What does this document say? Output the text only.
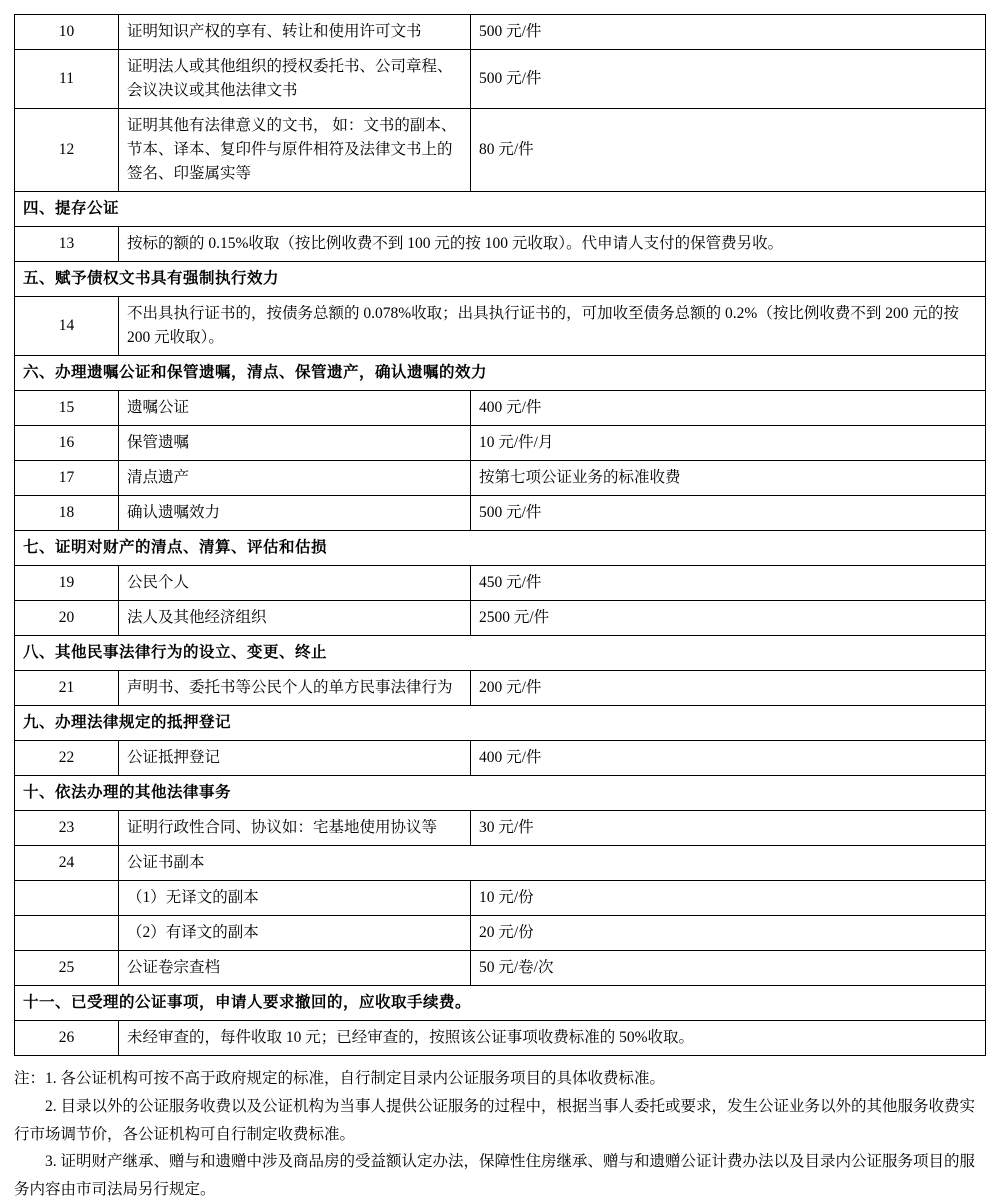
10	证明知识产权的享有、转让和使用许可文书	500 元/件
11	证明法人或其他组织的授权委托书、公司章程、会议决议或其他法律文书	500 元/件
12	证明其他有法律意义的文书， 如：文书的副本、节本、译本、复印件与原件相符及法律文书上的签名、印鉴属实等	80 元/件
四、提存公证		
13	按标的额的 0.15%收取（按比例收费不到 100 元的按 100 元收取）。代申请人支付的保管费另收。	
五、赋予债权文书具有强制执行效力		
14	不出具执行证书的，按债务总额的 0.078%收取；出具执行证书的，可加收至债务总额的 0.2%（按比例收费不到 200 元的按 200 元收取）。	
六、办理遗嘱公证和保管遗嘱，清点、保管遗产，确认遗嘱的效力		
15	遗嘱公证	400 元/件
16	保管遗嘱	10 元/件/月
17	清点遗产	按第七项公证业务的标准收费
18	确认遗嘱效力	500 元/件
七、证明对财产的清点、清算、评估和估损		
19	公民个人	450 元/件
20	法人及其他经济组织	2500 元/件
八、其他民事法律行为的设立、变更、终止		
21	声明书、委托书等公民个人的单方民事法律行为	200 元/件
九、办理法律规定的抵押登记		
22	公证抵押登记	400 元/件
十、依法办理的其他法律事务		
23	证明行政性合同、协议如：宅基地使用协议等	30 元/件
24	公证书副本	
	（1）无译文的副本	10 元/份
	（2）有译文的副本	20 元/份
25	公证卷宗查档	50 元/卷/次
十一、已受理的公证事项，申请人要求撤回的，应收取手续费。		
26	未经审查的，每件收取 10 元；已经审查的，按照该公证事项收费标准的 50%收取。	

注：1. 各公证机构可按不高于政府规定的标准，自行制定目录内公证服务项目的具体收费标准。

2. 目录以外的公证服务收费以及公证机构为当事人提供公证服务的过程中，根据当事人委托或要求，发生公证业务以外的其他服务收费实行市场调节价，各公证机构可自行制定收费标准。

3. 证明财产继承、赠与和遗赠中涉及商品房的受益额认定办法，保障性住房继承、赠与和遗赠公证计费办法以及目录内公证服务项目的服务内容由市司法局另行规定。
